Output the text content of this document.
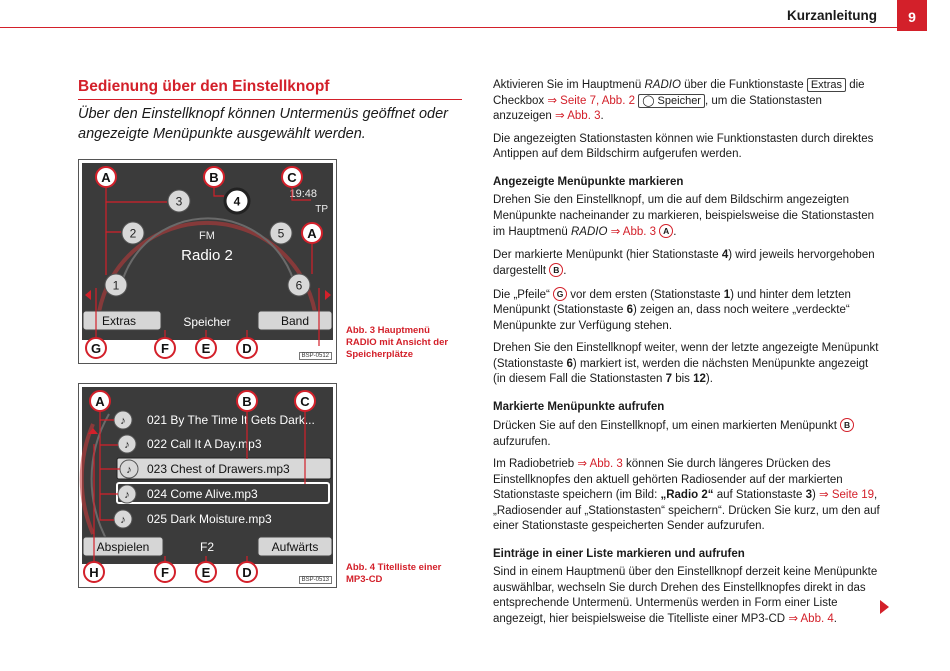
Kurzanleitung	9
Bedienung über den Einstellknopf
Über den Einstellknopf können Untermenüs geöffnet oder angezeigte Menüpunkte ausgewählt werden.
1
2
3	4
5
6
FM
Radio 2
19:48
TP
Extras	Speicher	Band
A	B	C
A
G	F	E D	BSP-0512
Abb. 3 Hauptmenü RADIO mit Ansicht der Speicherplätze
♪ 021 By The Time It Gets Dark...
♪ 022 Call It A Day.mp3
♪ 023 Chest of Drawers.mp3
♪ 024 Come Alive.mp3
♪ 025 Dark Moisture.mp3
Abspielen	F2	Aufwärts
A	B	C
H	F	E D	BSP-0513
Abb. 4 Titelliste einer MP3-CD

Aktivieren Sie im Hauptmenü RADIO über die Funktionstaste Extras die Checkbox ⇒ Seite 7, Abb. 2 ◯ Speicher , um die Stationstasten anzuzeigen ⇒ Abb. 3.

Die angezeigten Stationstasten können wie Funktionstasten durch direktes Antippen auf dem Bildschirm aufgerufen werden.

Angezeigte Menüpunkte markieren

Drehen Sie den Einstellknopf, um die auf dem Bildschirm angezeigten Menüpunkte nacheinander zu markieren, beispielsweise die Stationstasten im Hauptmenü RADIO ⇒ Abb. 3 A .

Der markierte Menüpunkt (hier Stationstaste 4) wird jeweils hervorgehoben dargestellt B .

Die „Pfeile“ G vor dem ersten (Stationstaste 1) und hinter dem letzten Menüpunkt (Stationstaste 6) zeigen an, dass noch weitere „verdeckte“ Menüpunkte zur Verfügung stehen.

Drehen Sie den Einstellknopf weiter, wenn der letzte angezeigte Menüpunkt (Stationstaste 6) markiert ist, werden die nächsten Menüpunkte angezeigt (in diesem Fall die Stationstasten 7 bis 12).

Markierte Menüpunkte aufrufen

Drücken Sie auf den Einstellknopf, um einen markierten Menüpunkt B aufzurufen.

Im Radiobetrieb ⇒ Abb. 3 können Sie durch längeres Drücken des Einstellknopfes den aktuell gehörten Radiosender auf der markierten Stationstaste speichern (im Bild: „Radio 2“ auf Stationstaste 3) ⇒ Seite 19, „Radiosender auf „Stationstasten“ speichern“. Drücken Sie kurz, um den auf einer Stationstaste gespeicherten Sender aufzurufen.

Einträge in einer Liste markieren und aufrufen

Sind in einem Hauptmenü über den Einstellknopf derzeit keine Menüpunkte auswählbar, wechseln Sie durch Drehen des Einstellknopfes direkt in das entsprechende Untermenü. Untermenüs werden in Form einer Liste angezeigt, hier beispielsweise die Titelliste einer MP3-CD ⇒ Abb. 4.
